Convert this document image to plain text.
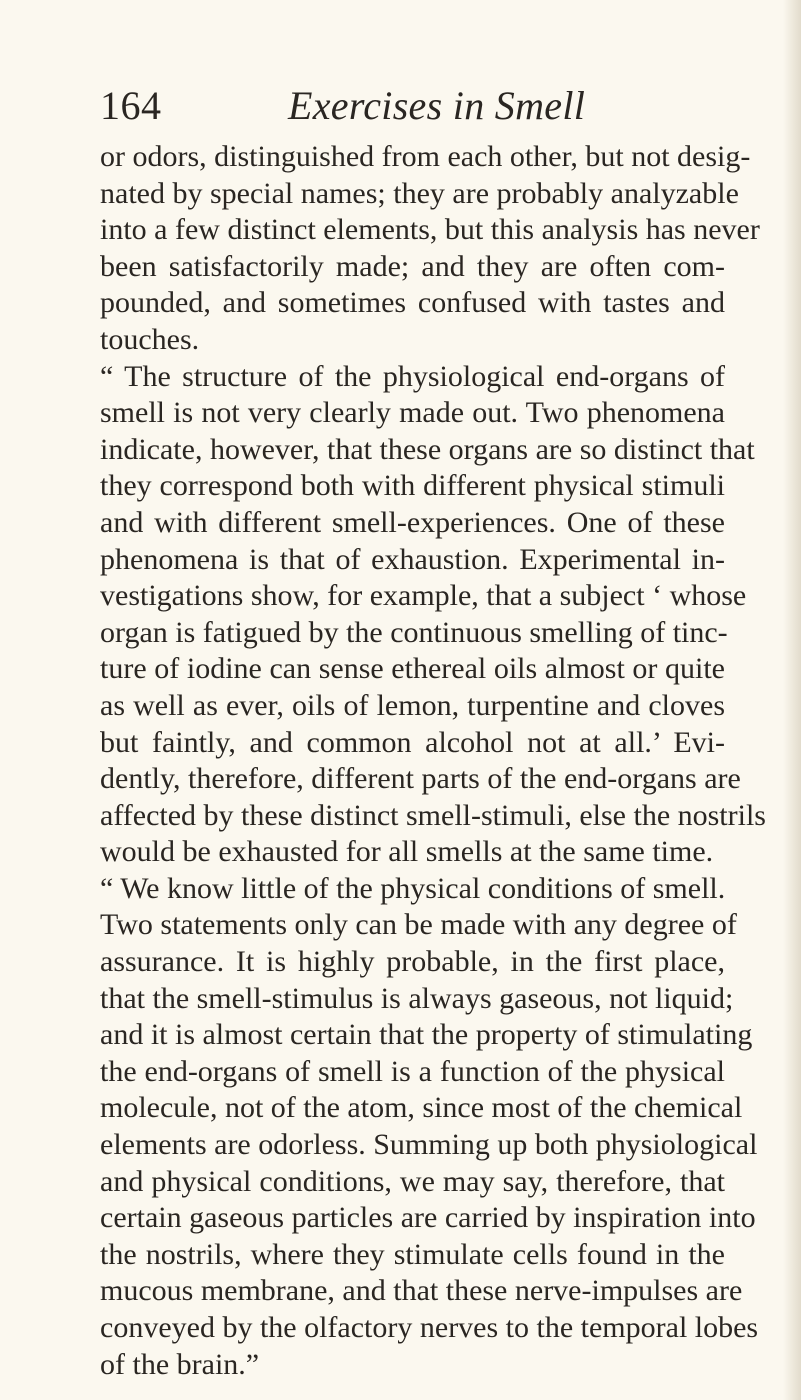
164	Exercises in Smell
or odors, distinguished from each other, but not desig-
nated by special names; they are probably analyzable
into a few distinct elements, but this analysis has never
been satisfactorily made; and they are often com-
pounded, and sometimes confused with tastes and
touches.
“ The structure of the physiological end-organs of
smell is not very clearly made out. Two phenomena
indicate, however, that these organs are so distinct that
they correspond both with different physical stimuli
and with different smell-experiences. One of these
phenomena is that of exhaustion. Experimental in-
vestigations show, for example, that a subject ‘ whose
organ is fatigued by the continuous smelling of tinc-
ture of iodine can sense ethereal oils almost or quite
as well as ever, oils of lemon, turpentine and cloves
but faintly, and common alcohol not at all.’ Evi-
dently, therefore, different parts of the end-organs are
affected by these distinct smell-stimuli, else the nostrils
would be exhausted for all smells at the same time.
“ We know little of the physical conditions of smell.
Two statements only can be made with any degree of
assurance. It is highly probable, in the first place,
that the smell-stimulus is always gaseous, not liquid;
and it is almost certain that the property of stimulating
the end-organs of smell is a function of the physical
molecule, not of the atom, since most of the chemical
elements are odorless. Summing up both physiological
and physical conditions, we may say, therefore, that
certain gaseous particles are carried by inspiration into
the nostrils, where they stimulate cells found in the
mucous membrane, and that these nerve-impulses are
conveyed by the olfactory nerves to the temporal lobes
of the brain.”
